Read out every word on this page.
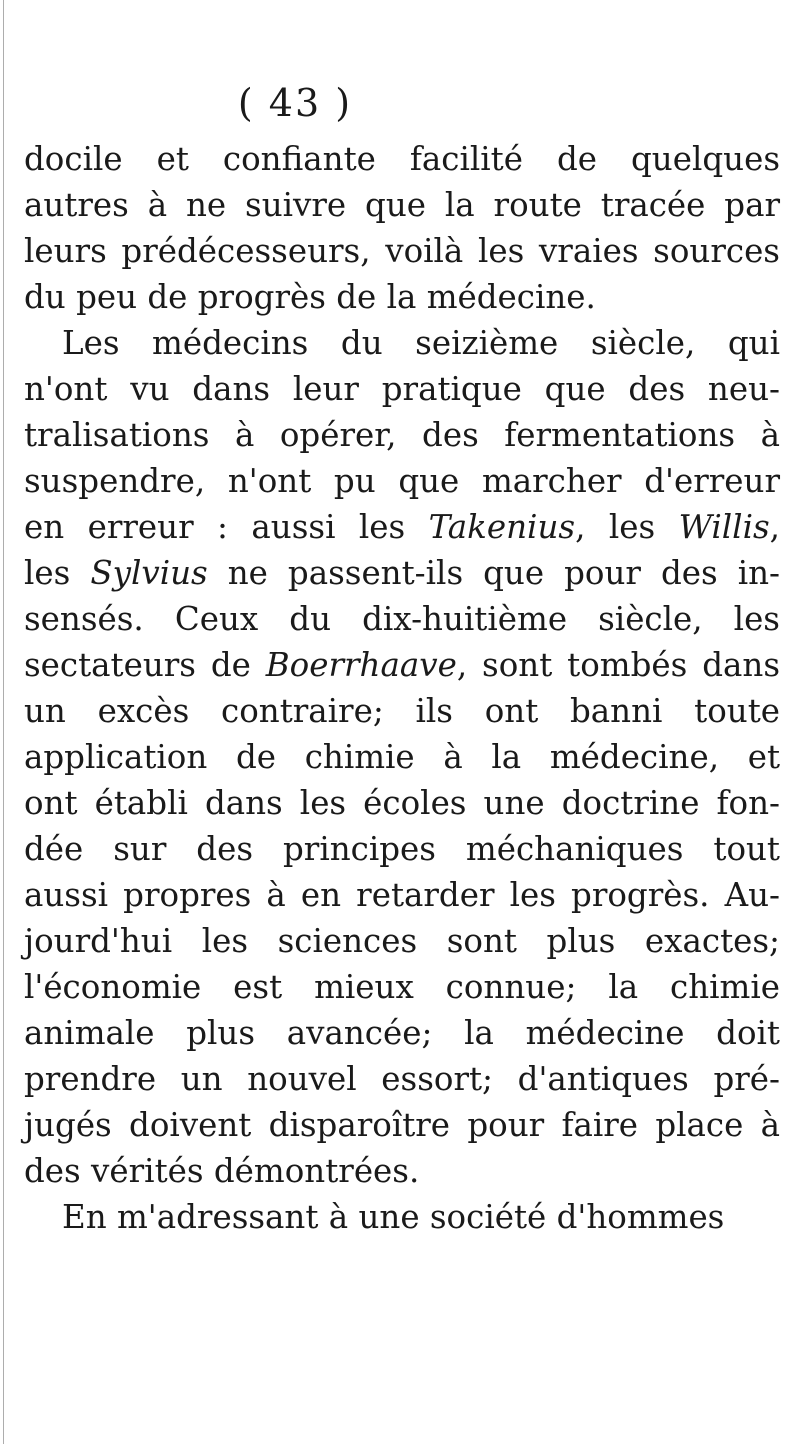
( 43 )
docile et confiante facilité de quelques
autres à ne suivre que la route tracée par
leurs prédécesseurs, voilà les vraies sources
du peu de progrès de la médecine.
Les médecins du seizième siècle, qui
n'ont vu dans leur pratique que des neu-
tralisations à opérer, des fermentations à
suspendre, n'ont pu que marcher d'erreur
en erreur : aussi les Takenius, les Willis,
les Sylvius ne passent-ils que pour des in-
sensés. Ceux du dix-huitième siècle, les
sectateurs de Boerrhaave, sont tombés dans
un excès contraire; ils ont banni toute
application de chimie à la médecine, et
ont établi dans les écoles une doctrine fon-
dée sur des principes méchaniques tout
aussi propres à en retarder les progrès. Au-
jourd'hui les sciences sont plus exactes;
l'économie est mieux connue; la chimie
animale plus avancée; la médecine doit
prendre un nouvel essort; d'antiques pré-
jugés doivent disparoître pour faire place à
des vérités démontrées.
En m'adressant à une société d'hommes
